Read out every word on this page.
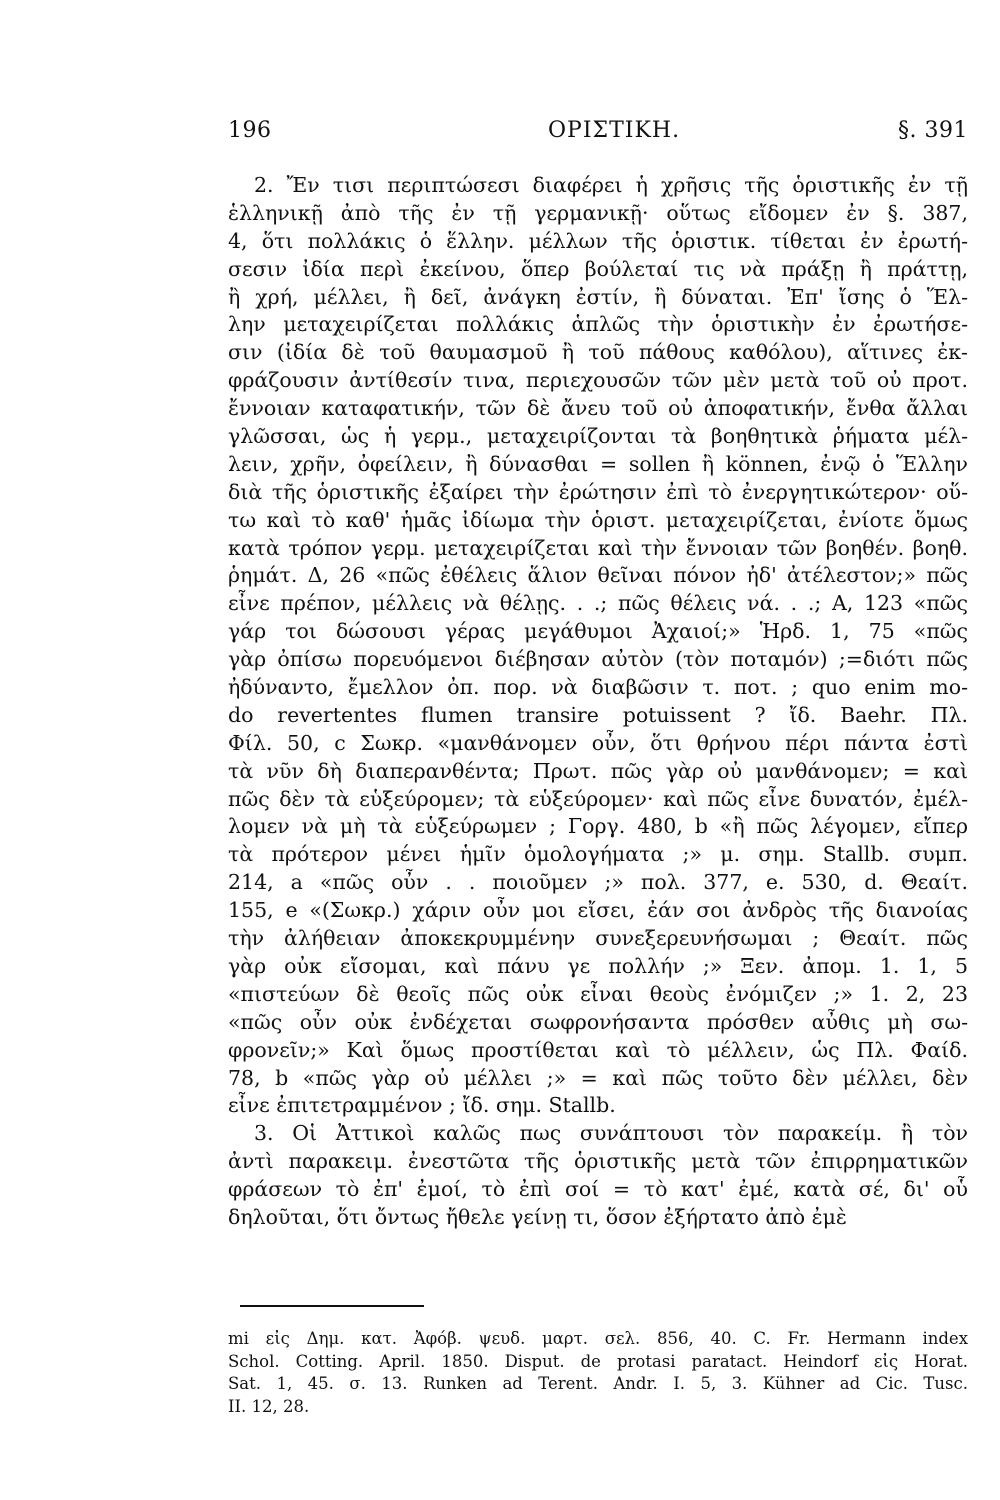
196	ΟΡΙΣΤΙΚΗ.	§. 391
2. Ἔν τισι περιπτώσεσι διαφέρει ἡ χρῆσις τῆς ὁριστικῆς ἐν τῇ
ἑλληνικῇ ἀπὸ τῆς ἐν τῇ γερμανικῇ· οὕτως εἴδομεν ἐν §. 387,
4, ὅτι πολλάκις ὁ ἕλλην. μέλλων τῆς ὁριστικ. τίθεται ἐν ἐρωτή-
σεσιν ἰδία περὶ ἐκείνου, ὅπερ βούλεταί τις νὰ πράξῃ ἢ πράττῃ,
ἢ χρή, μέλλει, ἢ δεῖ, ἀνάγκη ἐστίν, ἢ δύναται. Ἐπ' ἴσης ὁ Ἕλ-
λην μεταχειρίζεται πολλάκις ἁπλῶς τὴν ὁριστικὴν ἐν ἐρωτήσε-
σιν (ἰδία δὲ τοῦ θαυμασμοῦ ἢ τοῦ πάθους καθόλου), αἵτινες ἐκ-
φράζουσιν ἀντίθεσίν τινα, περιεχουσῶν τῶν μὲν μετὰ τοῦ οὐ προτ.
ἔννοιαν καταφατικήν, τῶν δὲ ἄνευ τοῦ οὐ ἀποφατικήν, ἔνθα ἄλλαι
γλῶσσαι, ὡς ἡ γερμ., μεταχειρίζονται τὰ βοηθητικὰ ῥήματα μέλ-
λειν, χρῆν, ὀφείλειν, ἢ δύνασθαι = sollen ἢ können, ἐνῷ ὁ Ἕλλην
διὰ τῆς ὁριστικῆς ἐξαίρει τὴν ἐρώτησιν ἐπὶ τὸ ἐνεργητικώτερον· οὕ-
τω καὶ τὸ καθ' ἡμᾶς ἰδίωμα τὴν ὁριστ. μεταχειρίζεται, ἐνίοτε ὅμως
κατὰ τρόπον γερμ. μεταχειρίζεται καὶ τὴν ἔννοιαν τῶν βοηθέν. βοηθ.
ῥημάτ. Δ, 26 «πῶς ἐθέλεις ἅλιον θεῖναι πόνον ἠδ' ἀτέλεστον;» πῶς
εἶνε πρέπον, μέλλεις νὰ θέλῃς. . .; πῶς θέλεις νά. . .; Α, 123 «πῶς
γάρ τοι δώσουσι γέρας μεγάθυμοι Ἀχαιοί;» Ἡρδ. 1, 75 «πῶς
γὰρ ὀπίσω πορευόμενοι διέβησαν αὐτὸν (τὸν ποταμόν) ;=διότι πῶς
ἠδύναντο, ἔμελλον ὀπ. πορ. νὰ διαβῶσιν τ. ποτ. ; quo enim mo-
do revertentes flumen transire potuissent ? ἴδ. Baehr. Πλ.
Φίλ. 50, c Σωκρ. «μανθάνομεν οὖν, ὅτι θρήνου πέρι πάντα ἐστὶ
τὰ νῦν δὴ διαπερανθέντα; Πρωτ. πῶς γὰρ οὐ μανθάνομεν; = καὶ
πῶς δὲν τὰ εὑξεύρομεν; τὰ εὑξεύρομεν· καὶ πῶς εἶνε δυνατόν, ἐμέλ-
λομεν νὰ μὴ τὰ εὑξεύρωμεν ; Γοργ. 480, b «ἢ πῶς λέγομεν, εἴπερ
τὰ πρότερον μένει ἡμῖν ὁμολογήματα ;» μ. σημ. Stallb. συμπ.
214, a «πῶς οὖν . . ποιοῦμεν ;» πολ. 377, e. 530, d. Θεαίτ.
155, e «(Σωκρ.) χάριν οὖν μοι εἴσει, ἐάν σοι ἀνδρὸς τῆς διανοίας
τὴν ἀλήθειαν ἀποκεκρυμμένην συνεξερευνήσωμαι ; Θεαίτ. πῶς
γὰρ οὐκ εἴσομαι, καὶ πάνυ γε πολλήν ;» Ξεν. ἀπομ. 1. 1, 5
«πιστεύων δὲ θεοῖς πῶς οὐκ εἶναι θεοὺς ἐνόμιζεν ;» 1. 2, 23
«πῶς οὖν οὐκ ἐνδέχεται σωφρονήσαντα πρόσθεν αὖθις μὴ σω-
φρονεῖν;» Καὶ ὅμως προστίθεται καὶ τὸ μέλλειν, ὡς Πλ. Φαίδ.
78, b «πῶς γὰρ οὐ μέλλει ;» = καὶ πῶς τοῦτο δὲν μέλλει, δὲν
εἶνε ἐπιτετραμμένον ; ἴδ. σημ. Stallb.
3. Οἱ Ἀττικοὶ καλῶς πως συνάπτουσι τὸν παρακείμ. ἢ τὸν
ἀντὶ παρακειμ. ἐνεστῶτα τῆς ὁριστικῆς μετὰ τῶν ἐπιρρηματικῶν
φράσεων τὸ ἐπ' ἐμοί, τὸ ἐπὶ σοί = τὸ κατ' ἐμέ, κατὰ σέ, δι' οὗ
δηλοῦται, ὅτι ὄντως ἤθελε γείνῃ τι, ὅσον ἐξήρτατο ἀπὸ ἐμὲ
mi εἰς Δημ. κατ. Ἀφόβ. ψευδ. μαρτ. σελ. 856, 40. C. Fr. Hermann index
Schol. Cotting. April. 1850. Disput. de protasi paratact. Heindorf εἰς Horat.
Sat. 1, 45. σ. 13. Runken ad Terent. Andr. I. 5, 3. Kühner ad Cic. Tusc.
II. 12, 28.
